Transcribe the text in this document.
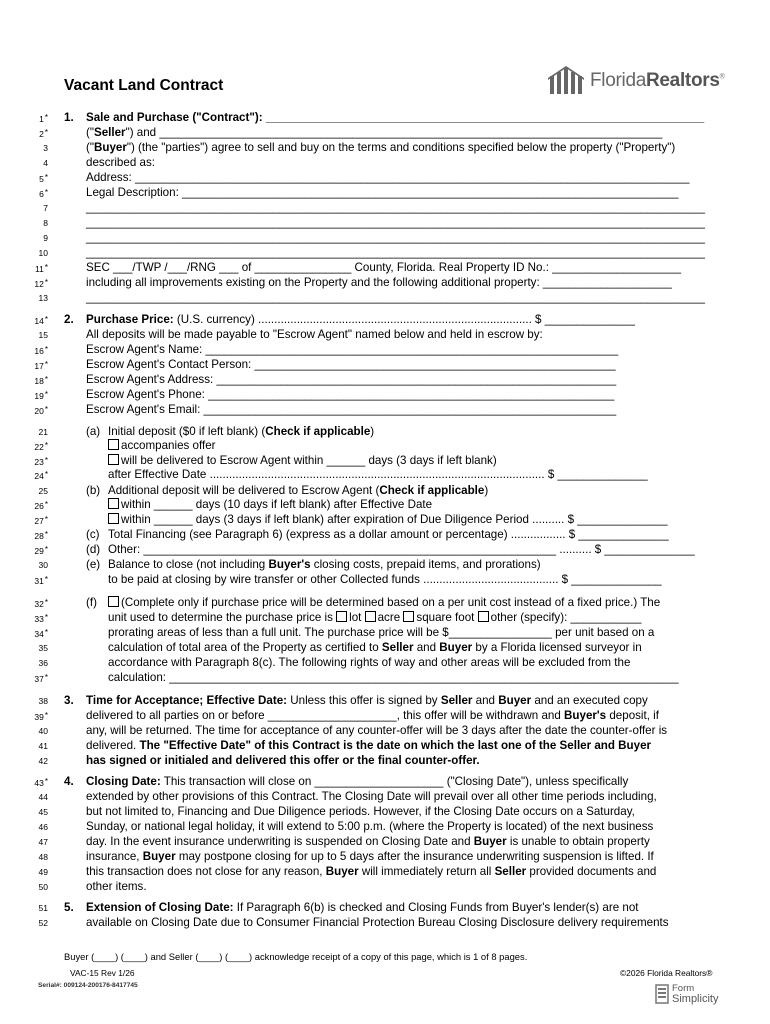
Vacant Land Contract	FloridaRealtors®
1*
2*
3
4
5*
6*
7
8
9
10
11*
12*
13
14*
15
16*
17*
18*
19*
20*
21
22*
23*
24*
25
26*
27*
28*
29*
30
31*
32*
33*
34*
35
36
37*
38
39*
40
41
42
43*
44
45
46
47
48
49
50
51
52
1. Sale and Purchase ("Contract"): ____________________________________________________________________
("Seller") and ______________________________________________________________________________
("Buyer") (the "parties") agree to sell and buy on the terms and conditions specified below the property ("Property")
described as:
Address: ______________________________________________________________________________________
Legal Description: _____________________________________________________________________________
________________________________________________________________________________________________
________________________________________________________________________________________________
________________________________________________________________________________________________
________________________________________________________________________________________________
SEC ___/TWP /___/RNG ___ of _______________ County, Florida. Real Property ID No.: ____________________
including all improvements existing on the Property and the following additional property: ____________________
________________________________________________________________________________________________
2. Purchase Price: (U.S. currency) ..................................................................................... $ ______________
All deposits will be made payable to "Escrow Agent" named below and held in escrow by:
Escrow Agent's Name: ________________________________________________________________
Escrow Agent's Contact Person: ________________________________________________________
Escrow Agent's Address: ______________________________________________________________
Escrow Agent's Phone: _______________________________________________________________
Escrow Agent's Email: ________________________________________________________________
(a) Initial deposit ($0 if left blank) (Check if applicable)
accompanies offer
will be delivered to Escrow Agent within ______ days (3 days if left blank)
after Effective Date ........................................................................................................ $ ______________
(b) Additional deposit will be delivered to Escrow Agent (Check if applicable)
within ______ days (10 days if left blank) after Effective Date
within ______ days (3 days if left blank) after expiration of Due Diligence Period .......... $ ______________
(c) Total Financing (see Paragraph 6) (express as a dollar amount or percentage) ................. $ ______________
(d) Other: ________________________________________________________________ .......... $ ______________
(e) Balance to close (not including Buyer's closing costs, prepaid items, and prorations)
to be paid at closing by wire transfer or other Collected funds .......................................... $ ______________
(f)	(Complete only if purchase price will be determined based on a per unit cost instead of a fixed price.) The
unit used to determine the purchase price is lot acre square foot other (specify): ___________
prorating areas of less than a full unit. The purchase price will be $________________ per unit based on a
calculation of total area of the Property as certified to Seller and Buyer by a Florida licensed surveyor in
accordance with Paragraph 8(c). The following rights of way and other areas will be excluded from the
calculation: _______________________________________________________________________________
3. Time for Acceptance; Effective Date: Unless this offer is signed by Seller and Buyer and an executed copy
delivered to all parties on or before ____________________, this offer will be withdrawn and Buyer's deposit, if
any, will be returned. The time for acceptance of any counter-offer will be 3 days after the date the counter-offer is
delivered. The "Effective Date" of this Contract is the date on which the last one of the Seller and Buyer
has signed or initialed and delivered this offer or the final counter-offer.
4. Closing Date: This transaction will close on ____________________ ("Closing Date"), unless specifically
extended by other provisions of this Contract. The Closing Date will prevail over all other time periods including,
but not limited to, Financing and Due Diligence periods. However, if the Closing Date occurs on a Saturday,
Sunday, or national legal holiday, it will extend to 5:00 p.m. (where the Property is located) of the next business
day. In the event insurance underwriting is suspended on Closing Date and Buyer is unable to obtain property
insurance, Buyer may postpone closing for up to 5 days after the insurance underwriting suspension is lifted. If
this transaction does not close for any reason, Buyer will immediately return all Seller provided documents and
other items.
5. Extension of Closing Date: If Paragraph 6(b) is checked and Closing Funds from Buyer's lender(s) are not
available on Closing Date due to Consumer Financial Protection Bureau Closing Disclosure delivery requirements
Buyer (____) (____) and Seller (____) (____) acknowledge receipt of a copy of this page, which is 1 of 8 pages.
VAC-15 Rev 1/26	©2026 Florida Realtors®
Serial#: 009124-200176-8417745	Form
Simplicity
